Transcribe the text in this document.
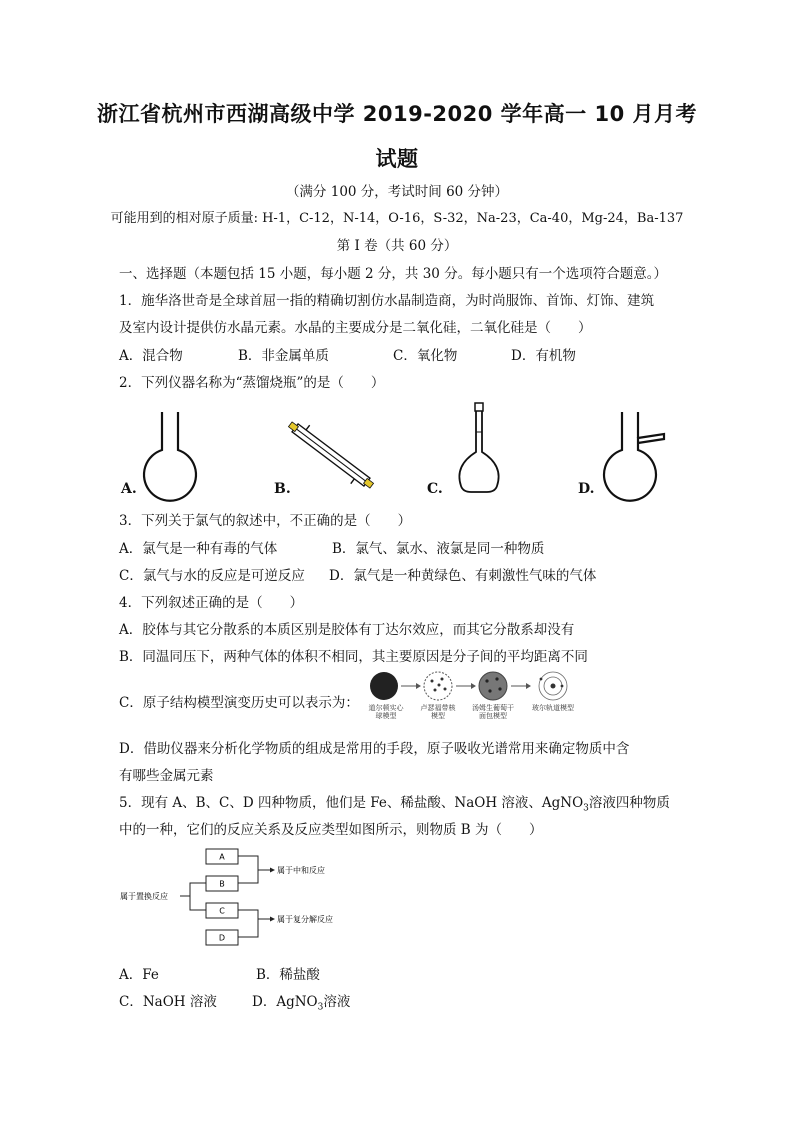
浙江省杭州市西湖高级中学 2019-2020 学年高一 10 月月考
试题
（满分 100 分，考试时间 60 分钟）
可能用到的相对原子质量: H-1，C-12，N-14，O-16，S-32，Na-23，Ca-40，Mg-24，Ba-137
第 I 卷（共 60 分）
一、选择题（本题包括 15 小题，每小题 2 分，共 30 分。每小题只有一个选项符合题意。）
1．施华洛世奇是全球首屈一指的精确切割仿水晶制造商，为时尚服饰、首饰、灯饰、建筑
及室内设计提供仿水晶元素。水晶的主要成分是二氧化硅，二氧化硅是（　　）
A．混合物	B．非金属单质	C．氧化物	D．有机物
2．下列仪器名称为“蒸馏烧瓶”的是（　　）
A.	B.	C.	D.
3．下列关于氯气的叙述中，不正确的是（　　）
A．氯气是一种有毒的气体	B．氯气、氯水、液氯是同一种物质
C．氯气与水的反应是可逆反应 D．氯气是一种黄绿色、有刺激性气味的气体
4．下列叙述正确的是（　　）
A．胶体与其它分散系的本质区别是胶体有丁达尔效应，而其它分散系却没有
B．同温同压下，两种气体的体积不相同，其主要原因是分子间的平均距离不同
C．原子结构模型演变历史可以表示为：	道尔顿实心球模型
卢瑟福带核模型
汤姆生葡萄干面包模型
玻尔轨道模型
D．借助仪器来分析化学物质的组成是常用的手段，原子吸收光谱常用来确定物质中含
有哪些金属元素
5．现有 A、B、C、D 四种物质，他们是 Fe、稀盐酸、NaOH 溶液、AgNO$_3$溶液四种物质
中的一种，它们的反应关系及反应类型如图所示，则物质 B 为（　　）
A
B
C
D
属于中和反应
属于复分解反应
属于置换反应
A．Fe	B．稀盐酸
C．NaOH 溶液	D．AgNO$_3$溶液
